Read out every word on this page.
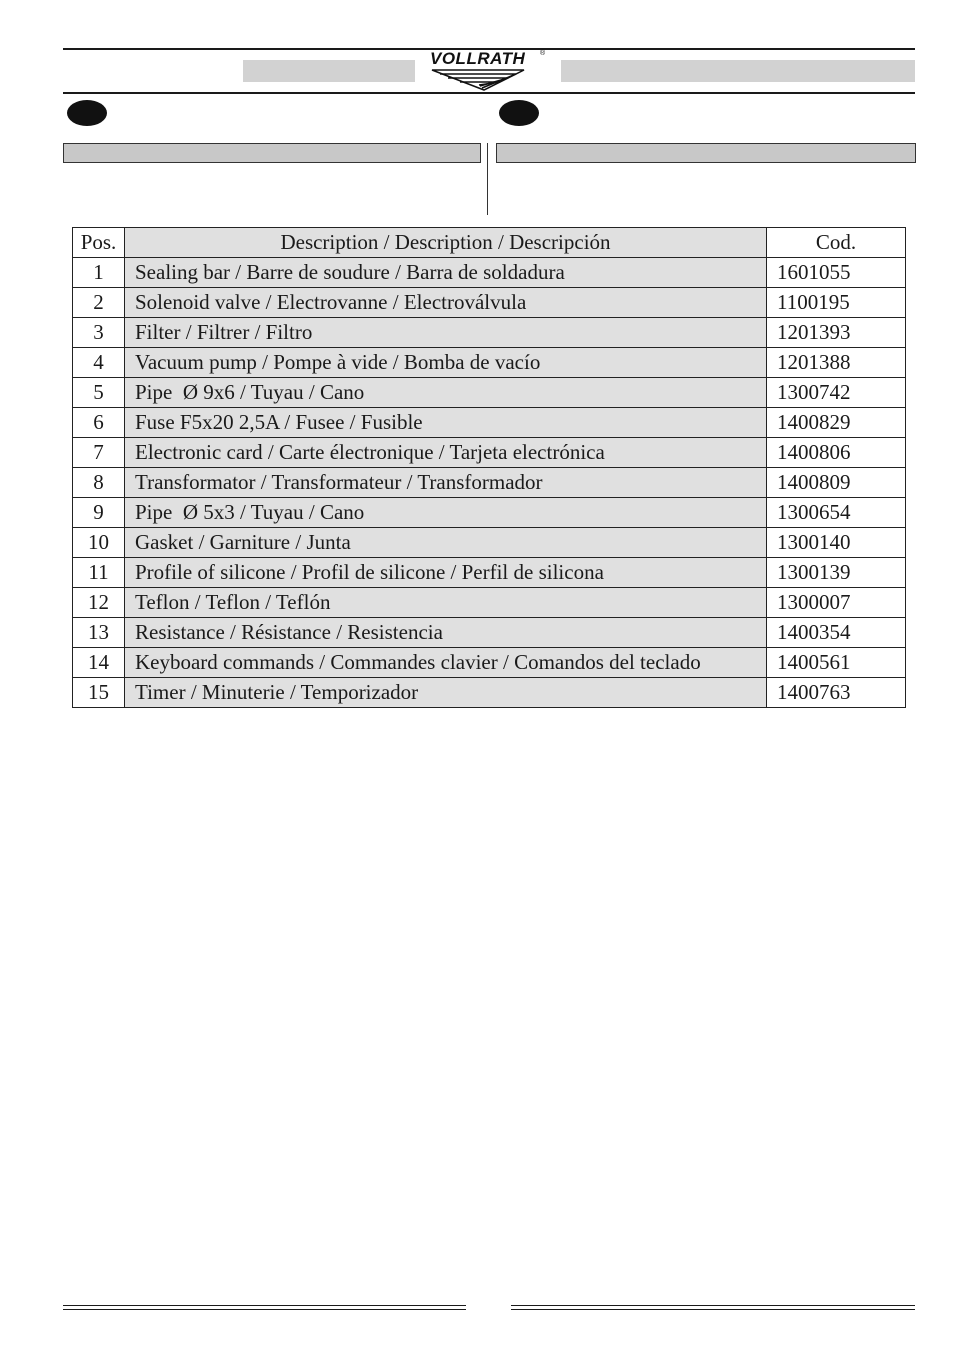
VOLLRATH ®
Pos.	Description / Description / Descripción	Cod.
1	Sealing bar / Barre de soudure / Barra de soldadura	1601055
2	Solenoid valve / Electrovanne / Electroválvula	1100195
3	Filter / Filtrer / Filtro	1201393
4	Vacuum pump / Pompe à vide / Bomba de vacío	1201388
5	Pipe  Ø 9x6 / Tuyau / Cano	1300742
6	Fuse F5x20 2,5A / Fusee / Fusible	1400829
7	Electronic card / Carte électronique / Tarjeta electrónica	1400806
8	Transformator / Transformateur / Transformador	1400809
9	Pipe  Ø 5x3 / Tuyau / Cano	1300654
10	Gasket / Garniture / Junta	1300140
11	Profile of silicone / Profil de silicone / Perfil de silicona	1300139
12	Teflon / Teflon / Teflón	1300007
13	Resistance / Résistance / Resistencia	1400354
14	Keyboard commands / Commandes clavier / Comandos del teclado	1400561
15	Timer / Minuterie / Temporizador	1400763
